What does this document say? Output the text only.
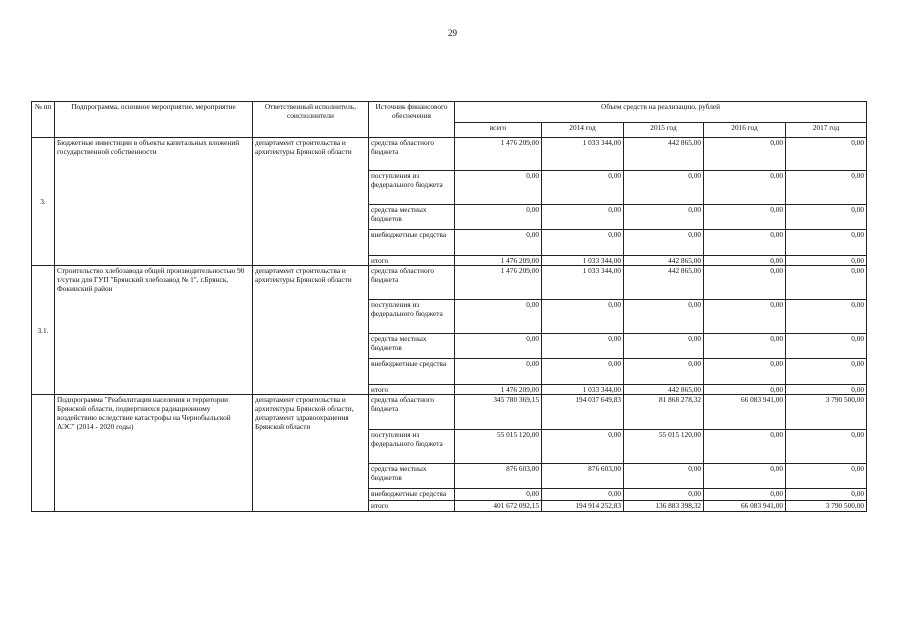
29
№ пп	Подпрограмма, основное мероприятие, мероприятие	Ответственный исполнитель, соисполнители	Источник финансового обеспечения	Объем средств на реализацию, рублей				
				всего	2014 год	2015 год	2016 год	2017 год
3.	Бюджетные инвестиции в объекты капитальных вложений государственной собственности	департамент строительства и архитектуры Брянской области	средства областного бюджета	1 476 209,00	1 033 344,00	442 865,00	0,00	0,00
			поступления из федерального бюджета	0,00	0,00	0,00	0,00	0,00
			средства местных бюджетов	0,00	0,00	0,00	0,00	0,00
			внебюджетные средства	0,00	0,00	0,00	0,00	0,00
			итого	1 476 209,00	1 033 344,00	442 865,00	0,00	0,00
3.1.	Строительство хлебозавода общей производительностью 90 т/сутки для ГУП "Брянский хлебозавод № 1", г.Брянск, Фокинский район	департамент строительства и архитектуры Брянской области	средства областного бюджета	1 476 209,00	1 033 344,00	442 865,00	0,00	0,00
			поступления из федерального бюджета	0,00	0,00	0,00	0,00	0,00
			средства местных бюджетов	0,00	0,00	0,00	0,00	0,00
			внебюджетные средства	0,00	0,00	0,00	0,00	0,00
			итого	1 476 209,00	1 033 344,00	442 865,00	0,00	0,00
	Подпрограмма "Реабилитация населения и территории Брянской области, подвергшихся радиационному воздействию вследствие катастрофы на Чернобыльской АЭС" (2014 - 2020 годы)	департамент строительства и архитектуры Брянской области, департамент здравоохранения Брянской области	средства областного бюджета	345 780 369,15	194 037 649,83	81 868 278,32	66 083 941,00	3 790 500,00
			поступления из федерального бюджета	55 015 120,00	0,00	55 015 120,00	0,00	0,00
			средства местных бюджетов	876 603,00	876 603,00	0,00	0,00	0,00
			внебюджетные средства	0,00	0,00	0,00	0,00	0,00
			итого	401 672 092,15	194 914 252,83	136 883 398,32	66 083 941,00	3 790 500,00
